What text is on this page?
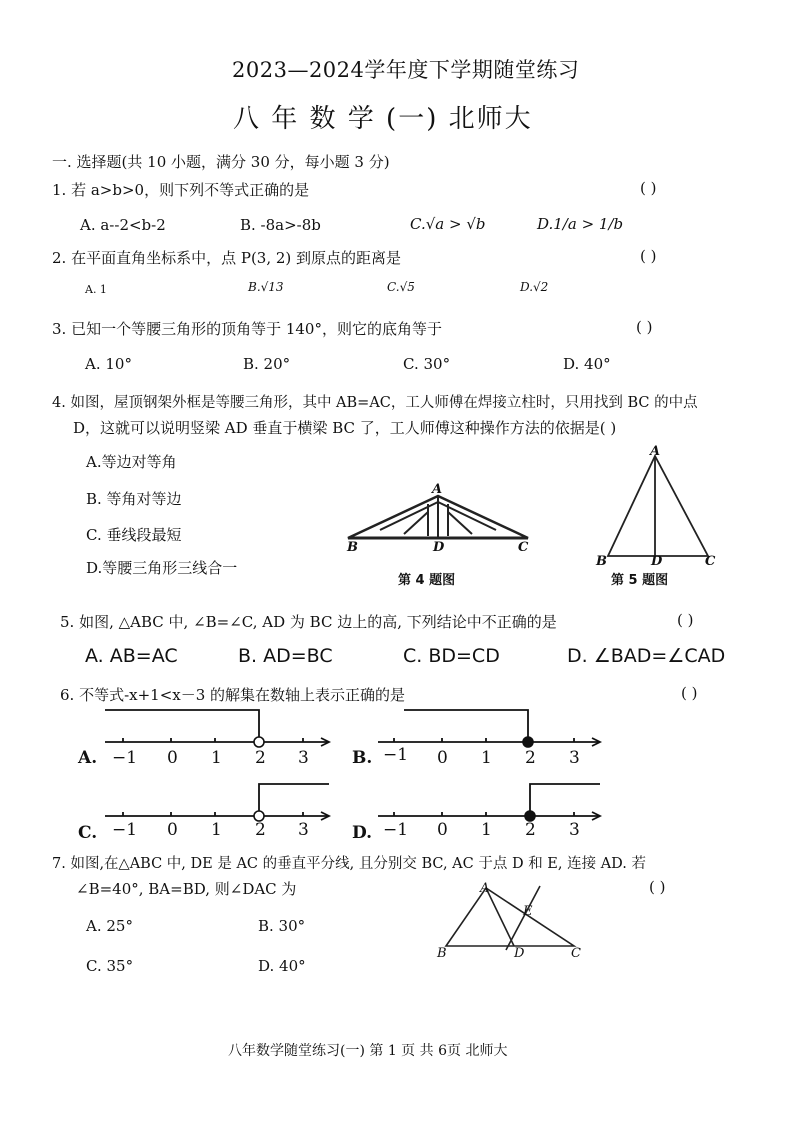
2023—2024学年度下学期随堂练习
八 年 数 学 (一) 北师大
一. 选择题(共 10 小题，满分 30 分，每小题 3 分)
1. 若 a>b>0，则下列不等式正确的是	( )
A. a--2<b-2	B. -8a>-8b	C.√a > √b	D.1/a > 1/b
2. 在平面直角坐标系中，点 P(3, 2) 到原点的距离是	( )
A. 1	B.√13	C.√5	D.√2
3. 已知一个等腰三角形的顶角等于 140°，则它的底角等于	( )
A. 10°	B. 20°	C. 30°	D. 40°
4. 如图，屋顶钢架外框是等腰三角形，其中 AB=AC，工人师傅在焊接立柱时，只用找到 BC 的中点
D，这就可以说明竖梁 AD 垂直于横梁 BC 了，工人师傅这种操作方法的依据是( )
A.等边对等角
B. 等角对等边
C. 垂线段最短
D.等腰三角形三线合一
A
B	D	C
第 4 题图
A
B	D	C
第 5 题图
5. 如图, △ABC 中, ∠B=∠C, AD 为 BC 边上的高, 下列结论中不正确的是	( )
A. AB=AC	B. AD=BC	C. BD=CD	D. ∠BAD=∠CAD
6. 不等式-x+1<x－3 的解集在数轴上表示正确的是	( )
A. −1 0 1 2 3	B. −1 0 1 2 3
C. −1 0 1 2 3	D. −1 0 1 2 3
7. 如图,在△ABC 中, DE 是 AC 的垂直平分线, 且分别交 BC, AC 于点 D 和 E, 连接 AD. 若
∠B=40°, BA=BD, 则∠DAC 为	( )
A. 25°	B. 30°
C. 35°	D. 40°
A
E
B	D	C
八年数学随堂练习(一) 第 1 页 共 6页 北师大
